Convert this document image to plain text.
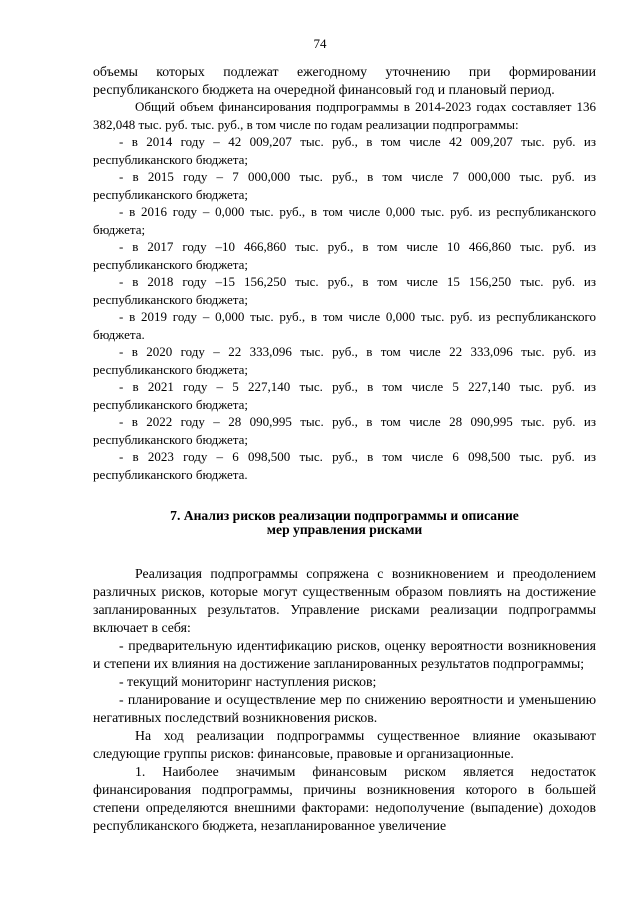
74

объемы которых подлежат ежегодному уточнению при формировании республиканского бюджета на очередной финансовый год и плановый период.

Общий объем финансирования подпрограммы в 2014-2023 годах составляет 136 382,048 тыс. руб. тыс. руб., в том числе по годам реализации подпрограммы:

- в 2014 году – 42 009,207 тыс. руб., в том числе 42 009,207 тыс. руб. из республиканского бюджета;

- в 2015 году – 7 000,000 тыс. руб., в том числе 7 000,000 тыс. руб. из республиканского бюджета;

- в 2016 году – 0,000 тыс. руб., в том числе 0,000 тыс. руб. из республиканского бюджета;

- в 2017 году –10 466,860 тыс. руб., в том числе 10 466,860 тыс. руб. из республиканского бюджета;

- в 2018 году –15 156,250 тыс. руб., в том числе 15 156,250 тыс. руб. из республиканского бюджета;

- в 2019 году – 0,000 тыс. руб., в том числе 0,000 тыс. руб. из республиканского бюджета.

- в 2020 году – 22 333,096 тыс. руб., в том числе 22 333,096 тыс. руб. из республиканского бюджета;

- в 2021 году – 5 227,140 тыс. руб., в том числе 5 227,140 тыс. руб. из республиканского бюджета;

- в 2022 году – 28 090,995 тыс. руб., в том числе 28 090,995 тыс. руб. из республиканского бюджета;

- в 2023 году – 6 098,500 тыс. руб., в том числе 6 098,500 тыс. руб. из республиканского бюджета.

7. Анализ рисков реализации подпрограммы и описание
мер управления рисками

Реализация подпрограммы сопряжена с возникновением и преодолением различных рисков, которые могут существенным образом повлиять на достижение запланированных результатов. Управление рисками реализации подпрограммы включает в себя:

- предварительную идентификацию рисков, оценку вероятности возникновения и степени их влияния на достижение запланированных результатов подпрограммы;

- текущий мониторинг наступления рисков;

- планирование и осуществление мер по снижению вероятности и уменьшению негативных последствий возникновения рисков.

На ход реализации подпрограммы существенное влияние оказывают следующие группы рисков: финансовые, правовые и организационные.

1. Наиболее значимым финансовым риском является недостаток финансирования подпрограммы, причины возникновения которого в большей степени определяются внешними факторами: недополучение (выпадение) доходов республиканского бюджета, незапланированное увеличение
